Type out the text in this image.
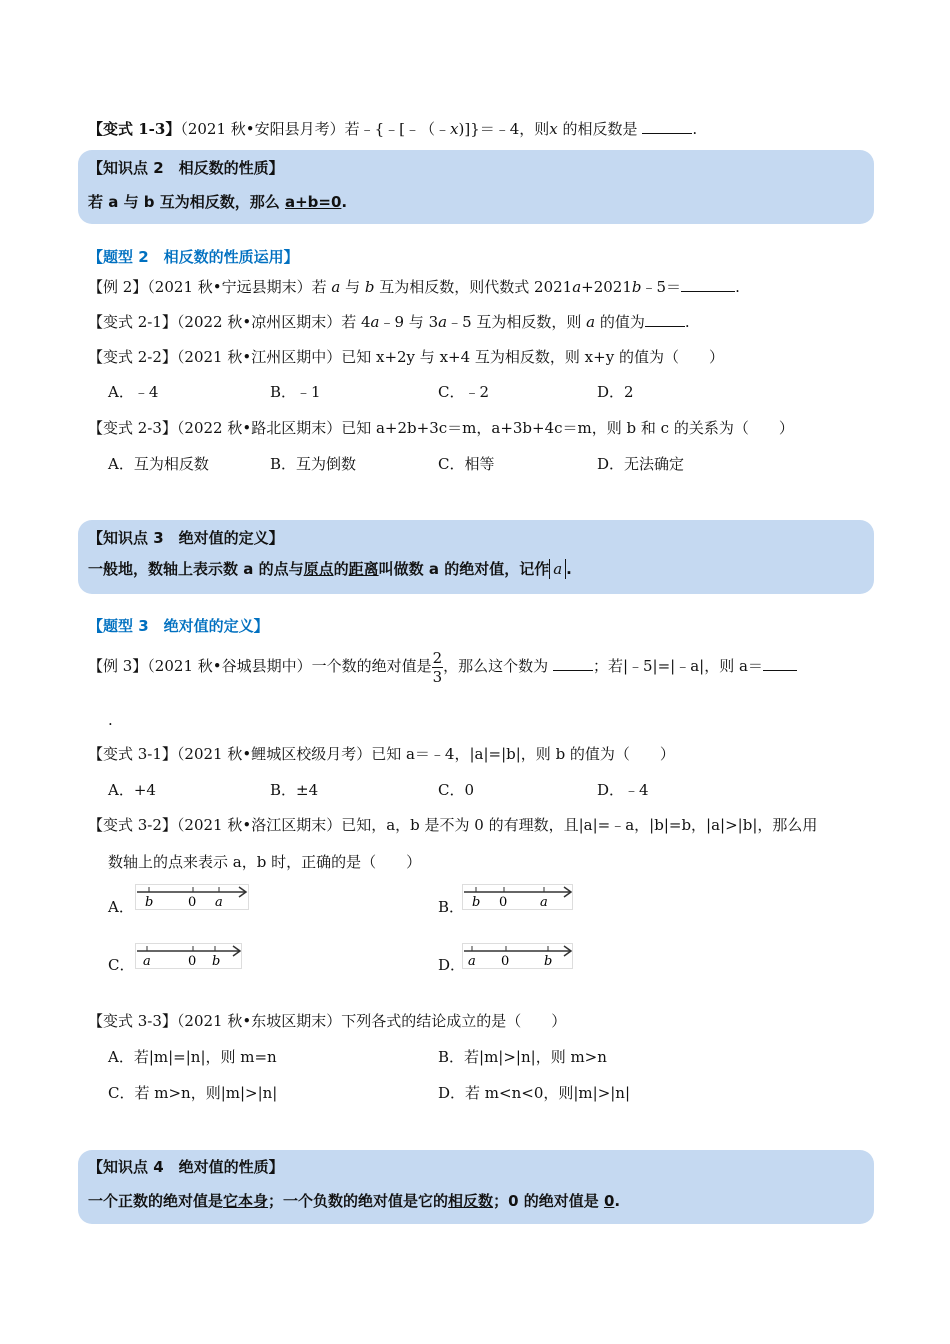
【变式 1-3】（2021 秋•安阳县月考）若﹣{﹣[﹣（﹣x)]}＝﹣4，则x 的相反数是	.
【知识点 2　相反数的性质】
若 a 与 b 互为相反数，那么 a+b=0.
【题型 2　相反数的性质运用】
【例 2】（2021 秋•宁远县期末）若 a 与 b 互为相反数，则代数式 2021a+2021b﹣5＝	.
【变式 2-1】（2022 秋•凉州区期末）若 4a﹣9 与 3a﹣5 互为相反数，则 a 的值为	.
【变式 2-2】（2021 秋•江州区期中）已知 x+2y 与 x+4 互为相反数，则 x+y 的值为（　　）
A．﹣4	B．﹣1	C．﹣2	D．2
【变式 2-3】（2022 秋•路北区期末）已知 a+2b+3c＝m，a+3b+4c＝m，则 b 和 c 的关系为（　　）
A．互为相反数	B．互为倒数	C．相等	D．无法确定
【知识点 3　绝对值的定义】
一般地，数轴上表示数 a 的点与原点的距离叫做数 a 的绝对值，记作 a .
【题型 3　绝对值的定义】
【例 3】（2021 秋•谷城县期中）一个数的绝对值是 $\frac{2}{3}$ ，那么这个数为	；若|﹣5|=|﹣a|，则 a＝
.
【变式 3-1】（2021 秋•鲤城区校级月考）已知 a＝﹣4，|a|=|b|，则 b 的值为（　　）
A．+4	B．±4	C．0	D．﹣4
【变式 3-2】（2021 秋•洛江区期末）已知，a，b 是不为 0 的有理数，且|a|=﹣a，|b|=b，|a|>|b|，那么用
数轴上的点来表示 a，b 时，正确的是（　　）
A． b	0 a	B． b 0	a
C． a	0 b	D． a 0	b
【变式 3-3】（2021 秋•东坡区期末）下列各式的结论成立的是（　　）
A．若|m|=|n|，则 m=n	B．若|m|>|n|，则 m>n
C．若 m>n，则|m|>|n|	D．若 m<n<0，则|m|>|n|
【知识点 4　绝对值的性质】
一个正数的绝对值是它本身；一个负数的绝对值是它的相反数；0 的绝对值是 0.
